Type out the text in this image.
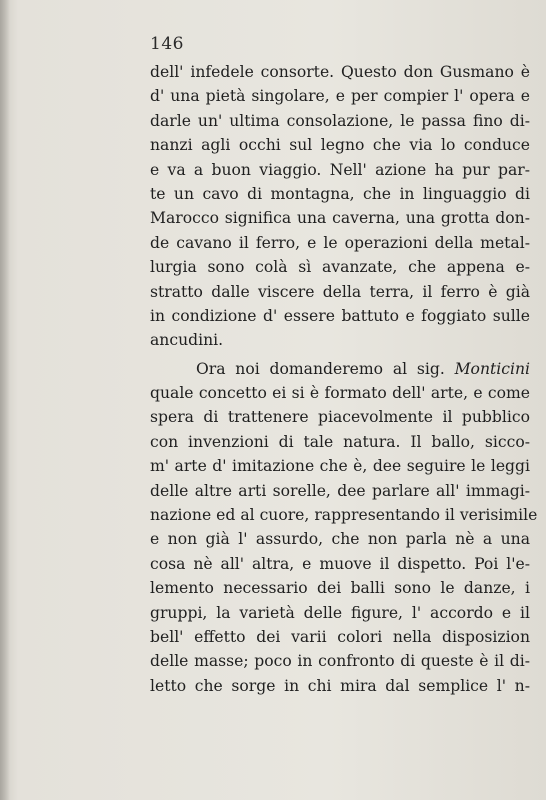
146
dell' infedele consorte. Questo don Gusmano è
d' una pietà singolare, e per compier l' opera e
darle un' ultima consolazione, le passa fino di-
nanzi agli occhi sul legno che via lo conduce
e va a buon viaggio. Nell' azione ha pur par-
te un cavo di montagna, che in linguaggio di
Marocco significa una caverna, una grotta don-
de cavano il ferro, e le operazioni della metal-
lurgia sono colà sì avanzate, che appena e-
stratto dalle viscere della terra, il ferro è già
in condizione d' essere battuto e foggiato sulle
ancudini.
Ora noi domanderemo al sig. Monticini
quale concetto ei si è formato dell' arte, e come
spera di trattenere piacevolmente il pubblico
con invenzioni di tale natura. Il ballo, sicco-
m' arte d' imitazione che è, dee seguire le leggi
delle altre arti sorelle, dee parlare all' immagi-
nazione ed al cuore, rappresentando il verisimile
e non già l' assurdo, che non parla nè a una
cosa nè all' altra, e muove il dispetto. Poi l'e-
lemento necessario dei balli sono le danze, i
gruppi, la varietà delle figure, l' accordo e il
bell' effetto dei varii colori nella disposizion
delle masse; poco in confronto di queste è il di-
letto che sorge in chi mira dal semplice l' n-
